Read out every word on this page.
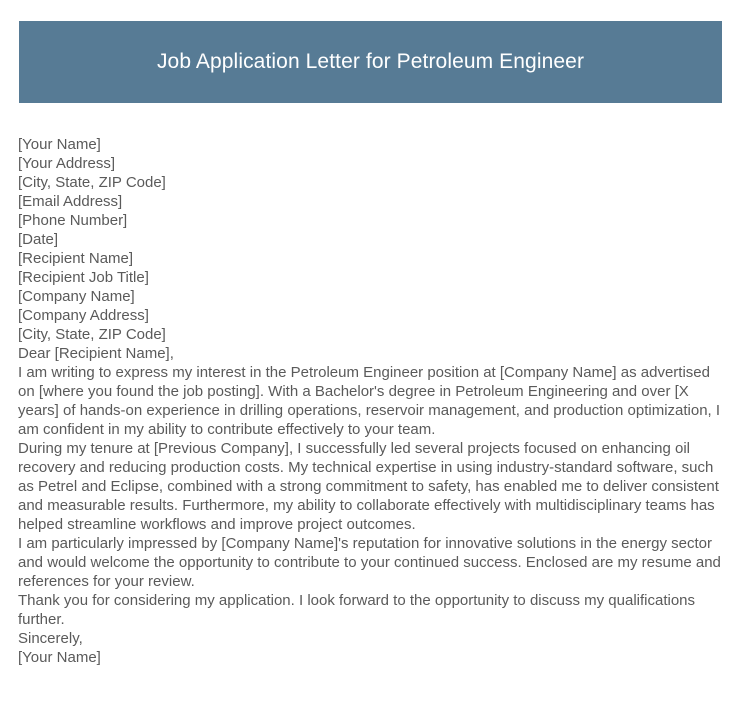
Job Application Letter for Petroleum Engineer
[Your Name]
[Your Address]
[City, State, ZIP Code]
[Email Address]
[Phone Number]
[Date]
[Recipient Name]
[Recipient Job Title]
[Company Name]
[Company Address]
[City, State, ZIP Code]
Dear [Recipient Name],

I am writing to express my interest in the Petroleum Engineer position at [Company Name] as advertised on [where you found the job posting]. With a Bachelor's degree in Petroleum Engineering and over [X years] of hands-on experience in drilling operations, reservoir management, and production optimization, I am confident in my ability to contribute effectively to your team.

During my tenure at [Previous Company], I successfully led several projects focused on enhancing oil recovery and reducing production costs. My technical expertise in using industry-standard software, such as Petrel and Eclipse, combined with a strong commitment to safety, has enabled me to deliver consistent and measurable results. Furthermore, my ability to collaborate effectively with multidisciplinary teams has helped streamline workflows and improve project outcomes.

I am particularly impressed by [Company Name]'s reputation for innovative solutions in the energy sector and would welcome the opportunity to contribute to your continued success. Enclosed are my resume and references for your review.

Thank you for considering my application. I look forward to the opportunity to discuss my qualifications further.

Sincerely,
[Your Name]
